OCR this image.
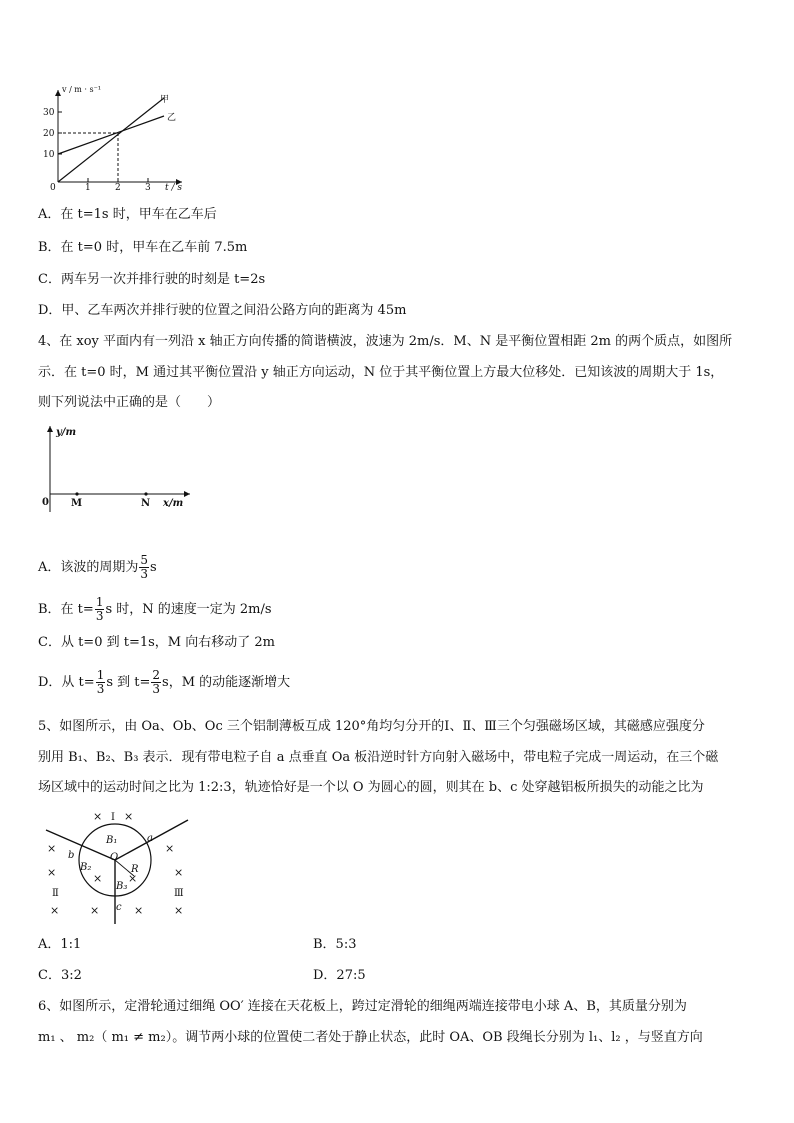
v / m · s⁻¹
30
20
10
0	1	2	3 t / s
甲
乙
A．在 t=1s 时，甲车在乙车后
B．在 t=0 时，甲车在乙车前 7.5m
C．两车另一次并排行驶的时刻是 t=2s
D．甲、乙车两次并排行驶的位置之间沿公路方向的距离为 45m
4、在 xoy 平面内有一列沿 x 轴正方向传播的简谐横波，波速为 2m/s．M、N 是平衡位置相距 2m 的两个质点，如图所
示．在 t=0 时，M 通过其平衡位置沿 y 轴正方向运动，N 位于其平衡位置上方最大位移处．已知该波的周期大于 1s，
则下列说法中正确的是（　　）
y/m
0 M	N x/m
A．该波的周期为 $\frac{5}{3}$ s
B．在 $t= \frac{1}{3}$ s 时，N 的速度一定为 2m/s
C．从 t=0 到 t=1s，M 向右移动了 2m
D．从 $t= \frac{1}{3}$ s 到 $t= \frac{2}{3}$ s，M 的动能逐渐增大
5、如图所示，由 Oa、Ob、Oc 三个铝制薄板互成 120°角均匀分开的Ⅰ、Ⅱ、Ⅲ三个匀强磁场区域，其磁感应强度分
别用 B₁、B₂、B₃ 表示．现有带电粒子自 a 点垂直 Oa 板沿逆时针方向射入磁场中，带电粒子完成一周运动，在三个磁
场区域中的运动时间之比为 1:2:3，轨迹恰好是一个以 O 为圆心的圆，则其在 b、c 处穿越铝板所损失的动能之比为
× ×
×	×
×	× ×	×
×	×	×	×
Ⅰ
Ⅱ	Ⅲ
a
b
c
O
R
B₁
B₂
B₃
A．1:1	B．5:3
C．3:2	D．27:5
6、如图所示，定滑轮通过细绳 OO′ 连接在天花板上，跨过定滑轮的细绳两端连接带电小球 A、B，其质量分别为
m₁ 、 m₂（ m₁ ≠ m₂）。调节两小球的位置使二者处于静止状态，此时 OA、OB 段绳长分别为 l₁、l₂ ，与竖直方向
